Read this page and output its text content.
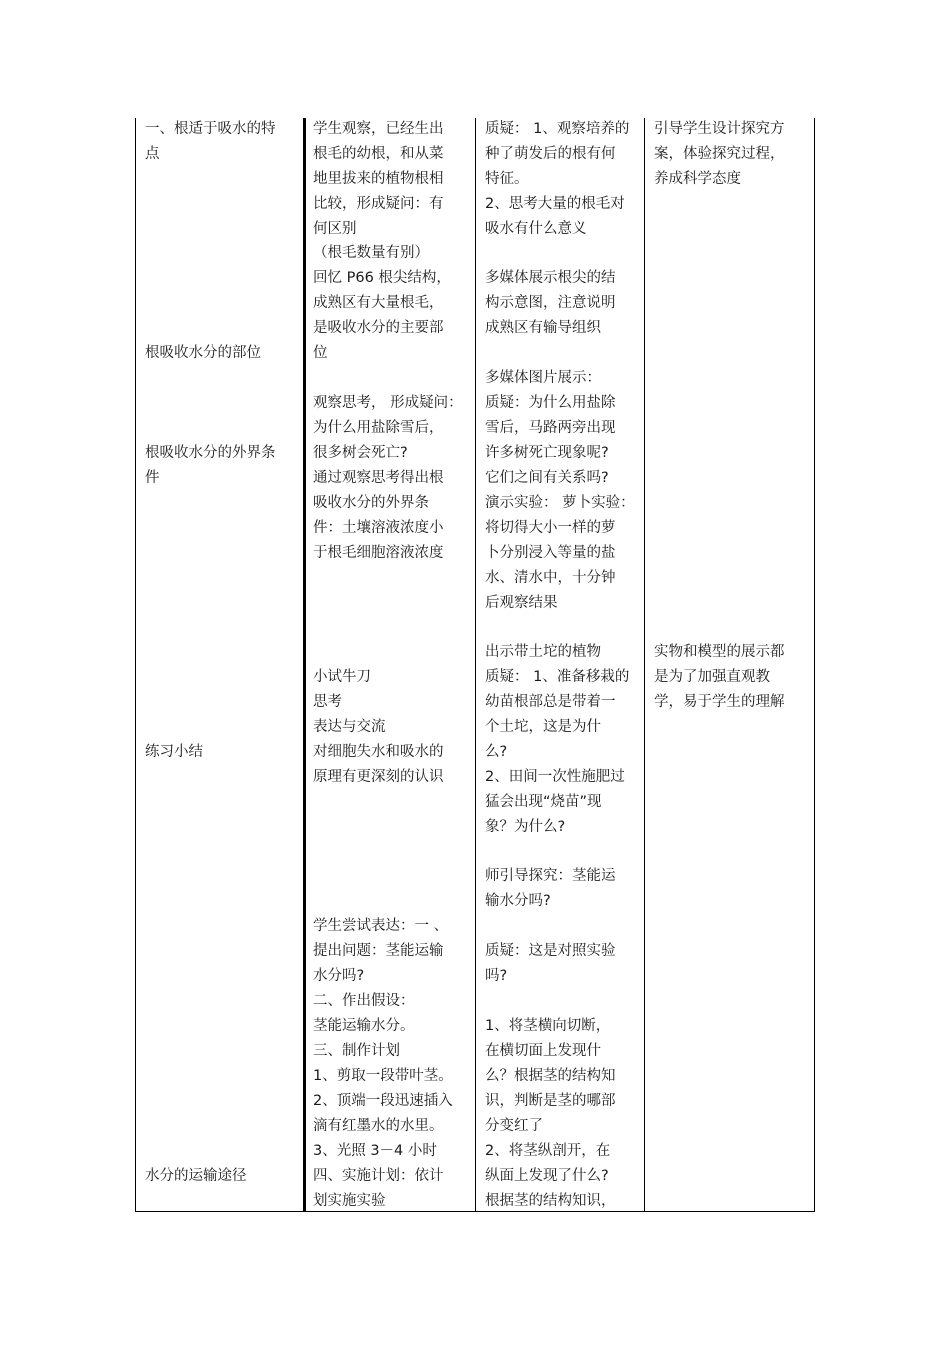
一、根适于吸水的特
点
根吸收水分的部位
根吸收水分的外界条
件
练习小结
水分的运输途径
学生观察，已经生出
根毛的幼根，和从菜
地里拔来的植物根相
比较，形成疑问：有
何区别
（根毛数量有别）
回忆 P66 根尖结构，
成熟区有大量根毛，
是吸收水分的主要部
位
观察思考， 形成疑问：
为什么用盐除雪后，
很多树会死亡?
通过观察思考得出根
吸收水分的外界条
件：土壤溶液浓度小
于根毛细胞溶液浓度
小试牛刀
思考
表达与交流
对细胞失水和吸水的
原理有更深刻的认识
学生尝试表达：一 、
提出问题：茎能运输
水分吗?
二、作出假设：
茎能运输水分。
三、制作计划
1、剪取一段带叶茎。
2、顶端一段迅速插入
滴有红墨水的水里。
3、光照 3－4 小时
四、实施计划：依计
划实施实验
质疑： 1、观察培养的
种了萌发后的根有何
特征。
2、思考大量的根毛对
吸水有什么意义
多媒体展示根尖的结
构示意图，注意说明
成熟区有输导组织
多媒体图片展示：
质疑：为什么用盐除
雪后，马路两旁出现
许多树死亡现象呢?
它们之间有关系吗?
演示实验： 萝卜实验：
将切得大小一样的萝
卜分别浸入等量的盐
水、清水中，十分钟
后观察结果
出示带土坨的植物
质疑： 1、准备移栽的
幼苗根部总是带着一
个土坨，这是为什
么?
2、田间一次性施肥过
猛会出现“烧苗”现
象？为什么?
师引导探究：茎能运
输水分吗?
质疑：这是对照实验
吗?
1、将茎横向切断，
在横切面上发现什
么？根据茎的结构知
识，判断是茎的哪部
分变红了
2、将茎纵剖开，在
纵面上发现了什么?
根据茎的结构知识，
引导学生设计探究方
案，体验探究过程，
养成科学态度
实物和模型的展示都
是为了加强直观教
学，易于学生的理解
